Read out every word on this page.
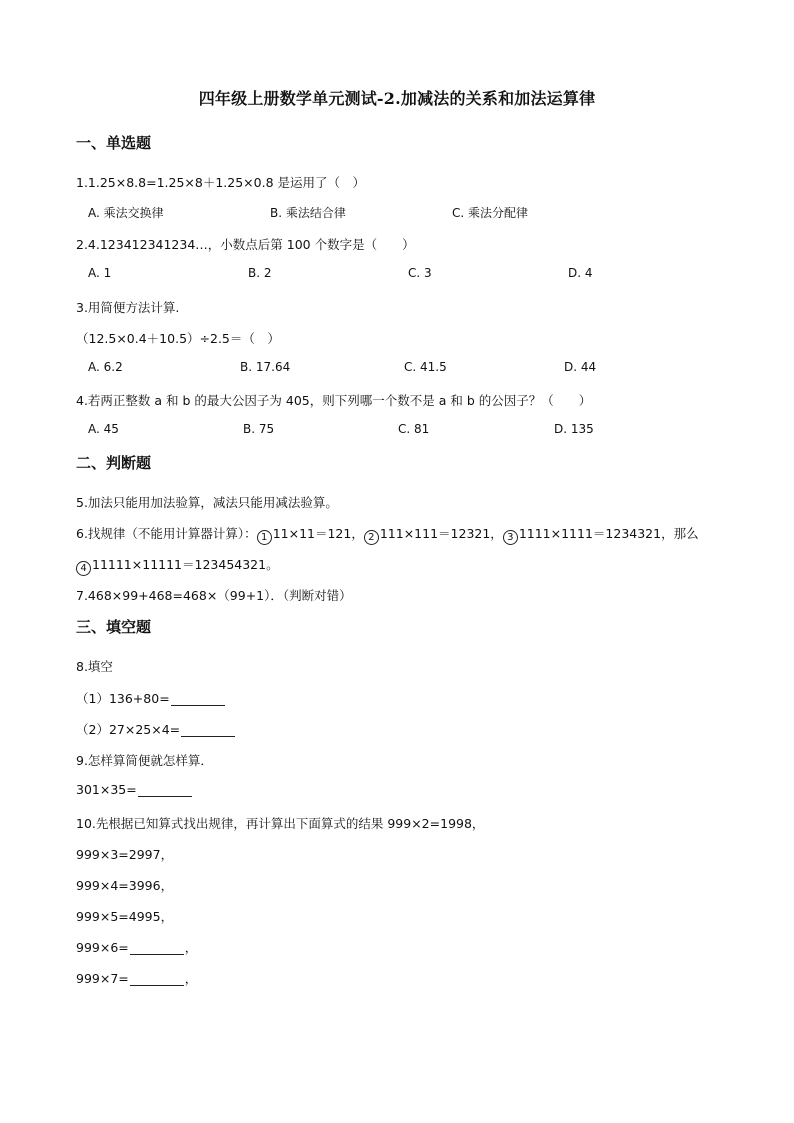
四年级上册数学单元测试-2.加减法的关系和加法运算律
一、单选题
1.1.25×8.8=1.25×8＋1.25×0.8 是运用了（　）
A. 乘法交换律	B. 乘法结合律	C. 乘法分配律
2.4.123412341234…，小数点后第 100 个数字是（　　）
A. 1	B. 2	C. 3	D. 4
3.用简便方法计算.
（12.5×0.4＋10.5）÷2.5＝（　）
A. 6.2	B. 17.64	C. 41.5	D. 44
4.若两正整数 a 和 b 的最大公因子为 405，则下列哪一个数不是 a 和 b 的公因子？（　　）
A. 45	B. 75	C. 81	D. 135
二、判断题
5.加法只能用加法验算，减法只能用减法验算。
6.找规律（不能用计算器计算）： 1 11×11＝121， 2 111×111＝12321， 3 1111×1111＝1234321，那么
4 11111×11111＝123454321。
7.468×99+468=468×（99+1）．（判断对错）
三、填空题
8.填空
（1）136+80=
（2）27×25×4=
9.怎样算简便就怎样算．
301×35=
10.先根据已知算式找出规律，再计算出下面算式的结果 999×2=1998，
999×3=2997，
999×4=3996，
999×5=4995，
999×6=	，
999×7=	，
